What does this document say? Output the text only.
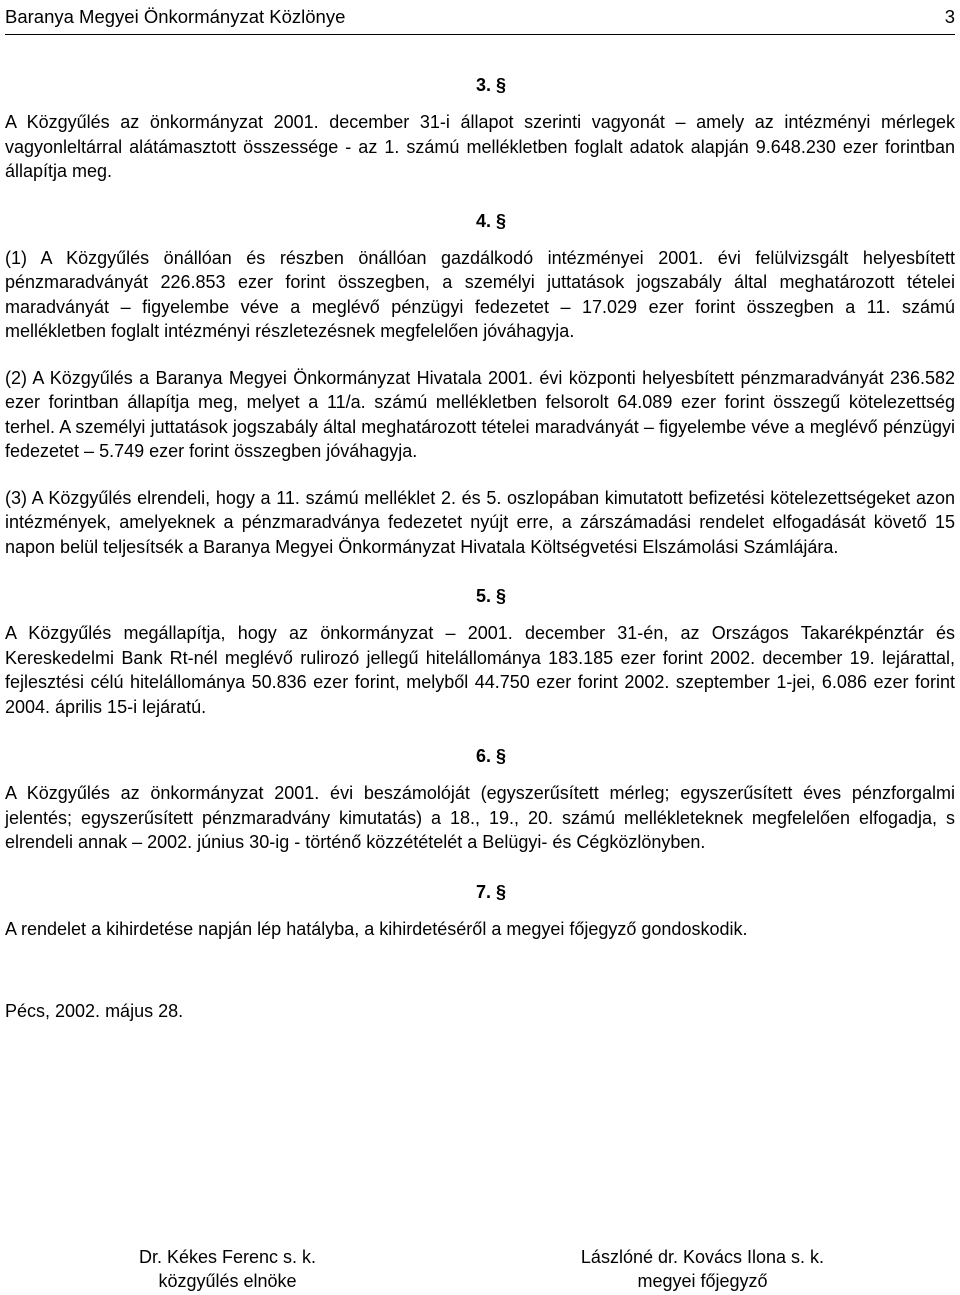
Baranya Megyei Önkormányzat Közlönye	3
3. §

A Közgyűlés az önkormányzat 2001. december 31-i állapot szerinti vagyonát – amely az intézményi mérlegek vagyonleltárral alátámasztott összessége - az 1. számú mellékletben foglalt adatok alapján 9.648.230 ezer forintban állapítja meg.

4. §

(1) A Közgyűlés önállóan és részben önállóan gazdálkodó intézményei 2001. évi felülvizsgált helyesbített pénzmaradványát 226.853 ezer forint összegben, a személyi juttatások jogszabály által meghatározott tételei maradványát – figyelembe véve a meglévő pénzügyi fedezetet – 17.029 ezer forint összegben a 11. számú mellékletben foglalt intézményi részletezésnek megfelelően jóváhagyja.

(2) A Közgyűlés a Baranya Megyei Önkormányzat Hivatala 2001. évi központi helyesbített pénzmaradványát 236.582 ezer forintban állapítja meg, melyet a 11/a. számú mellékletben felsorolt 64.089 ezer forint összegű kötelezettség terhel. A személyi juttatások jogszabály által meghatározott tételei maradványát – figyelembe véve a meglévő pénzügyi fedezetet – 5.749 ezer forint összegben jóváhagyja.

(3) A Közgyűlés elrendeli, hogy a 11. számú melléklet 2. és 5. oszlopában kimutatott befizetési kötelezettségeket azon intézmények, amelyeknek a pénzmaradványa fedezetet nyújt erre, a zárszámadási rendelet elfogadását követő 15 napon belül teljesítsék a Baranya Megyei Önkormányzat Hivatala Költségvetési Elszámolási Számlájára.

5. §

A Közgyűlés megállapítja, hogy az önkormányzat – 2001. december 31-én, az Országos Takarékpénztár és Kereskedelmi Bank Rt-nél meglévő rulirozó jellegű hitelállománya 183.185 ezer forint 2002. december 19. lejárattal, fejlesztési célú hitelállománya 50.836 ezer forint, melyből 44.750 ezer forint 2002. szeptember 1-jei, 6.086 ezer forint 2004. április 15-i lejáratú.

6. §

A Közgyűlés az önkormányzat 2001. évi beszámolóját (egyszerűsített mérleg; egyszerűsített éves pénzforgalmi jelentés; egyszerűsített pénzmaradvány kimutatás) a 18., 19., 20. számú mellékleteknek megfelelően elfogadja, s elrendeli annak – 2002. június 30-ig - történő közzétételét a Belügyi- és Cégközlönyben.

7. §

A rendelet a kihirdetése napján lép hatályba, a kihirdetéséről a megyei főjegyző gondoskodik.

Pécs, 2002. május 28.

Dr. Kékes Ferenc s. k.
közgyűlés elnöke
Lászlóné dr. Kovács Ilona s. k.
megyei főjegyző
